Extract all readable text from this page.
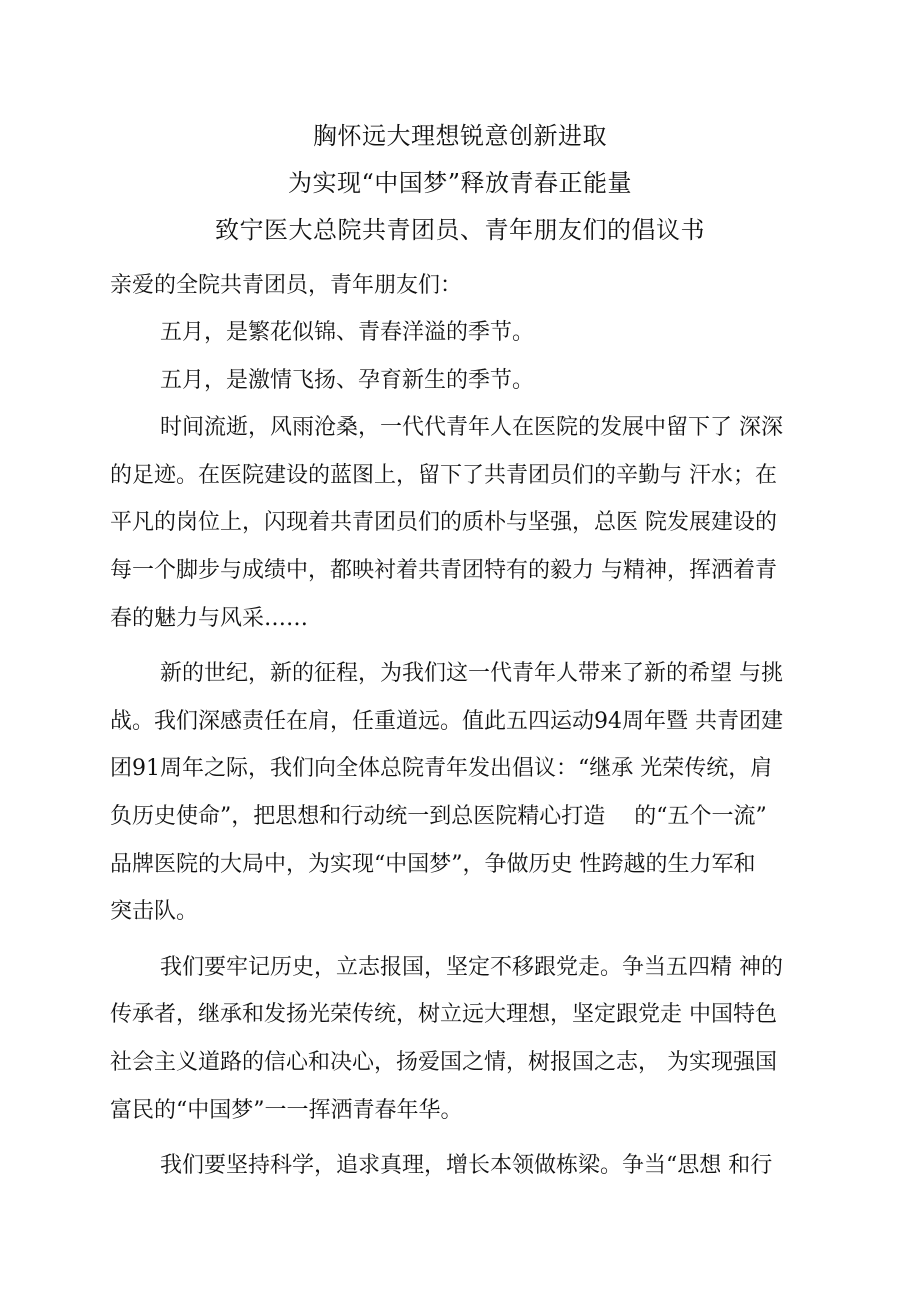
胸怀远大理想锐意创新进取
为实现“中国梦”释放青春正能量
致宁医大总院共青团员、青年朋友们的倡议书
亲爱的全院共青团员，青年朋友们：

五月，是繁花似锦、青春洋溢的季节。

五月，是激情飞扬、孕育新生的季节。

时间流逝，风雨沧桑，一代代青年人在医院的发展中留下了 深深
的足迹。在医院建设的蓝图上，留下了共青团员们的辛勤与 汗水；在
平凡的岗位上，闪现着共青团员们的质朴与坚强，总医 院发展建设的
每一个脚步与成绩中，都映衬着共青团特有的毅力 与精神，挥洒着青
春的魅力与风采……

新的世纪，新的征程，为我们这一代青年人带来了新的希望 与挑
战。我们深感责任在肩，任重道远。值此五四运动94周年暨 共青团建
团91周年之际，我们向全体总院青年发出倡议：“继承 光荣传统，肩
负历史使命”，把思想和行动统一到总医院精心打造　 的“五个一流”
品牌医院的大局中，为实现“中国梦”，争做历史 性跨越的生力军和
突击队。

我们要牢记历史，立志报国，坚定不移跟党走。争当五四精 神的
传承者，继承和发扬光荣传统，树立远大理想，坚定跟党走 中国特色
社会主义道路的信心和决心，扬爱国之情，树报国之志， 为实现强国
富民的“中国梦”一一挥洒青春年华。

我们要坚持科学，追求真理，增长本领做栋梁。争当“思想 和行
